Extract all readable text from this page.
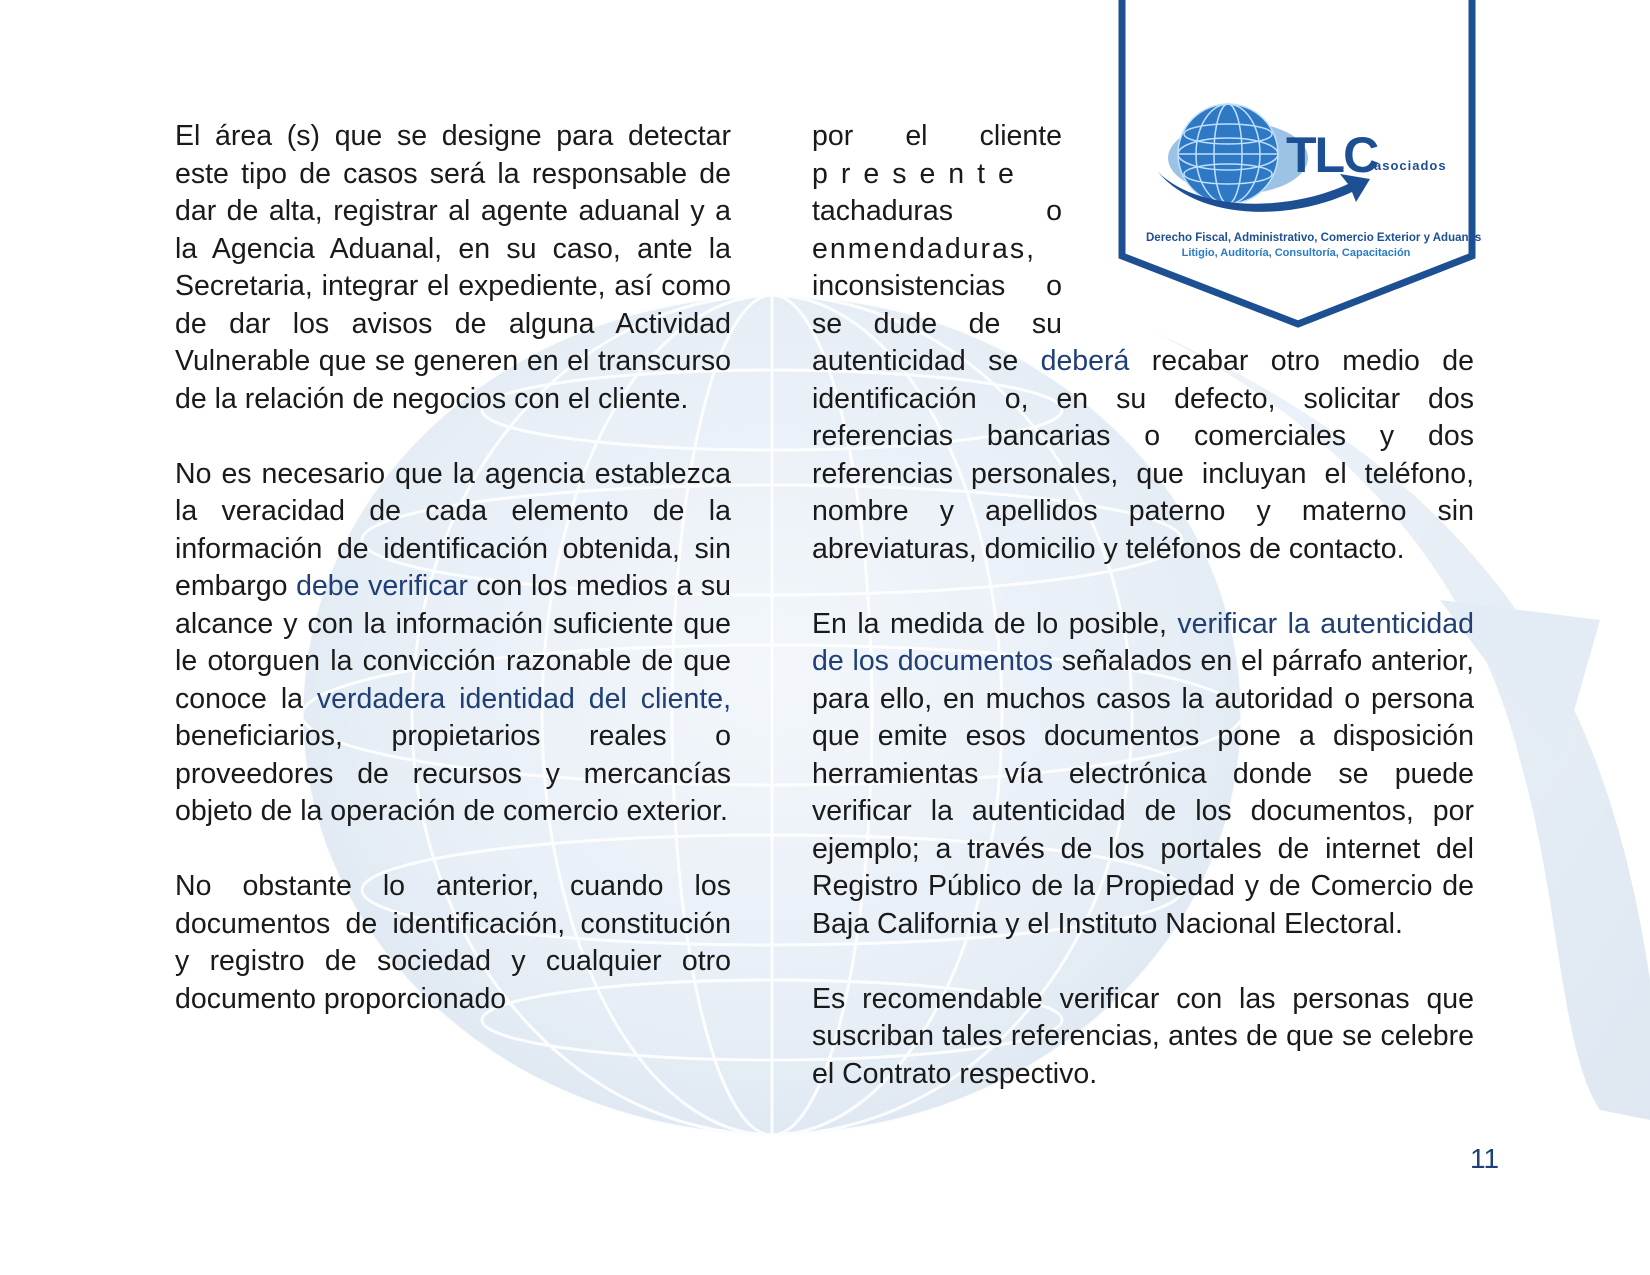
TLC
asociados
Derecho Fiscal, Administrativo, Comercio Exterior y Aduanas
Litigio, Auditoría, Consultoría, Capacitación

El área (s) que se designe para detectar este tipo de casos será la responsable de dar de alta, registrar al agente aduanal y a la Agencia Aduanal, en su caso, ante la Secretaria, integrar el expediente, así como de dar los avisos de alguna Actividad Vulnerable que se generen en el transcurso de la relación de negocios con el cliente.

No es necesario que la agencia establezca la veracidad de cada elemento de la información de identificación obtenida, sin embargo debe verificar con los medios a su alcance y con la información suficiente que le otorguen la convicción razonable de que conoce la verdadera identidad del cliente, beneficiarios, propietarios reales o proveedores de recursos y mercancías objeto de la operación de comercio exterior.

No obstante lo anterior, cuando los documentos de identificación, constitución y registro de sociedad y cualquier otro documento proporcionado

por el cliente
presente
tachaduras o
enmendaduras,
inconsistencias o
se dude de su

autenticidad se deberá recabar otro medio de identificación o, en su defecto, solicitar dos referencias bancarias o comerciales y dos referencias personales, que incluyan el teléfono, nombre y apellidos paterno y materno sin abreviaturas, domicilio y teléfonos de contacto.

En la medida de lo posible, verificar la autenticidad de los documentos señalados en el párrafo anterior, para ello, en muchos casos la autoridad o persona que emite esos documentos pone a disposición herramientas vía electrónica donde se puede verificar la autenticidad de los documentos, por ejemplo; a través de los portales de internet del Registro Público de la Propiedad y de Comercio de Baja California y el Instituto Nacional Electoral.

Es recomendable verificar con las personas que suscriban tales referencias, antes de que se celebre el Contrato respectivo.

11
